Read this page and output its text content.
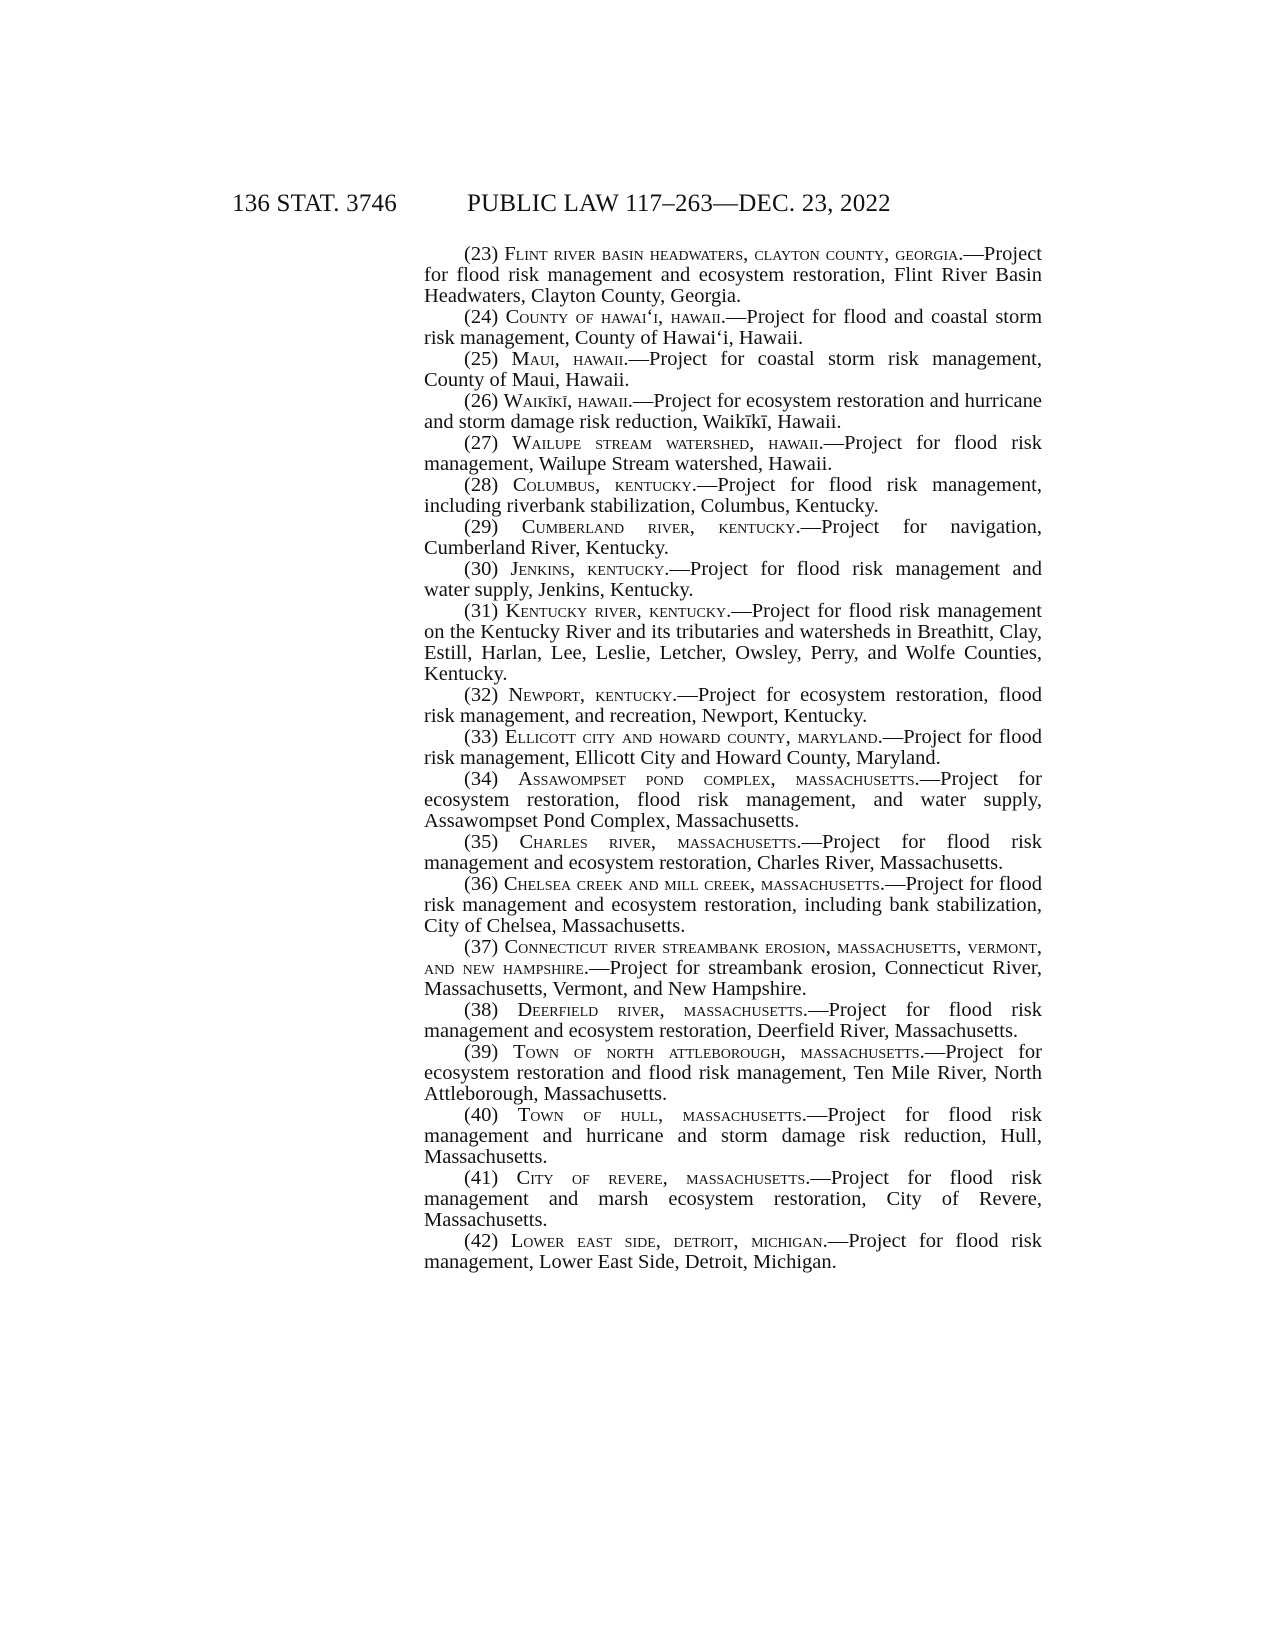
136 STAT. 3746	PUBLIC LAW 117–263—DEC. 23, 2022

(23) Flint river basin headwaters, clayton county, georgia.—Project for flood risk management and ecosystem restoration, Flint River Basin Headwaters, Clayton County, Georgia.

(24) County of hawai‘i, hawaii.—Project for flood and coastal storm risk management, County of Hawai‘i, Hawaii.

(25) Maui, hawaii.—Project for coastal storm risk management, County of Maui, Hawaii.

(26) Waikīkī, hawaii.—Project for ecosystem restoration and hurricane and storm damage risk reduction, Waikīkī, Hawaii.

(27) Wailupe stream watershed, hawaii.—Project for flood risk management, Wailupe Stream watershed, Hawaii.

(28) Columbus, kentucky.—Project for flood risk management, including riverbank stabilization, Columbus, Kentucky.

(29) Cumberland river, kentucky.—Project for navigation, Cumberland River, Kentucky.

(30) Jenkins, kentucky.—Project for flood risk management and water supply, Jenkins, Kentucky.

(31) Kentucky river, kentucky.—Project for flood risk management on the Kentucky River and its tributaries and watersheds in Breathitt, Clay, Estill, Harlan, Lee, Leslie, Letcher, Owsley, Perry, and Wolfe Counties, Kentucky.

(32) Newport, kentucky.—Project for ecosystem restoration, flood risk management, and recreation, Newport, Kentucky.

(33) Ellicott city and howard county, maryland.—Project for flood risk management, Ellicott City and Howard County, Maryland.

(34) Assawompset pond complex, massachusetts.—Project for ecosystem restoration, flood risk management, and water supply, Assawompset Pond Complex, Massachusetts.

(35) Charles river, massachusetts.—Project for flood risk management and ecosystem restoration, Charles River, Massachusetts.

(36) Chelsea creek and mill creek, massachusetts.—Project for flood risk management and ecosystem restoration, including bank stabilization, City of Chelsea, Massachusetts.

(37) Connecticut river streambank erosion, massachusetts, vermont, and new hampshire.—Project for streambank erosion, Connecticut River, Massachusetts, Vermont, and New Hampshire.

(38) Deerfield river, massachusetts.—Project for flood risk management and ecosystem restoration, Deerfield River, Massachusetts.

(39) Town of north attleborough, massachusetts.—Project for ecosystem restoration and flood risk management, Ten Mile River, North Attleborough, Massachusetts.

(40) Town of hull, massachusetts.—Project for flood risk management and hurricane and storm damage risk reduction, Hull, Massachusetts.

(41) City of revere, massachusetts.—Project for flood risk management and marsh ecosystem restoration, City of Revere, Massachusetts.

(42) Lower east side, detroit, michigan.—Project for flood risk management, Lower East Side, Detroit, Michigan.
